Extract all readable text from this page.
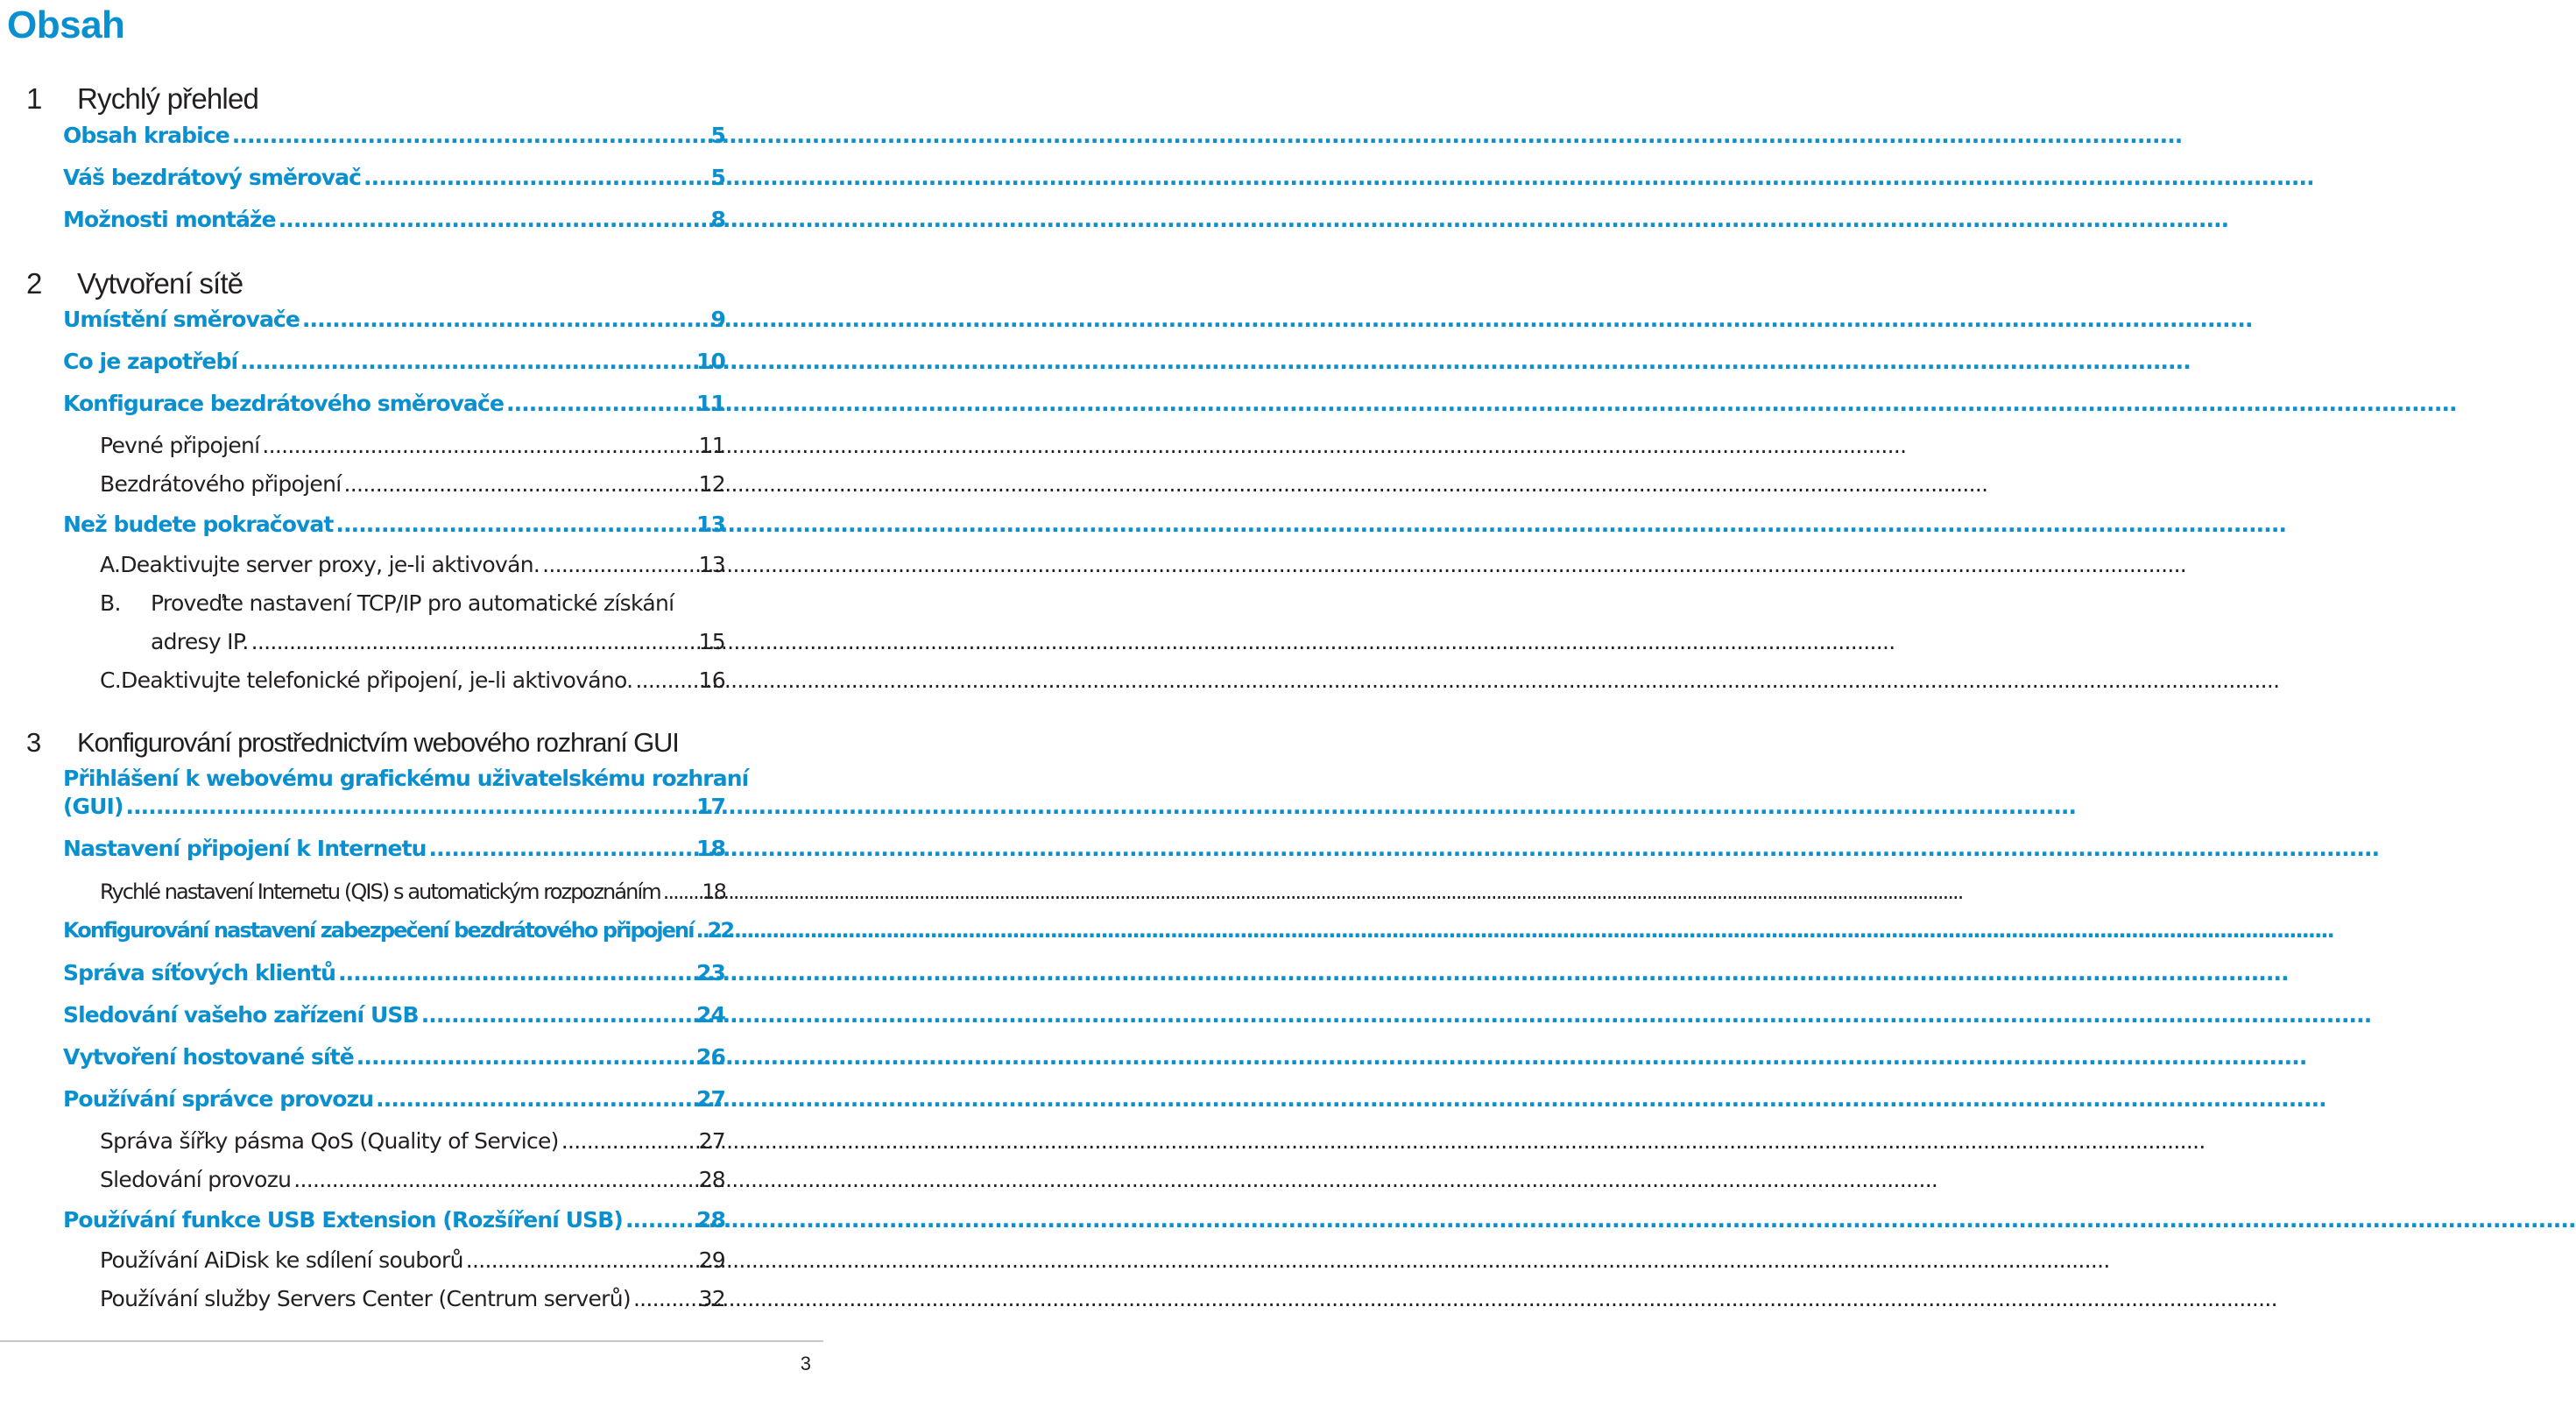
Obsah
1	Rychlý přehled
Obsah krabice .....	5
Váš bezdrátový směrovač .....	5
Možnosti montáže .....	8
2	Vytvoření sítě
Umístění směrovače .....	9
Co je zapotřebí .....	10
Konfigurace bezdrátového směrovače .....	11
Pevné připojení .....	11
Bezdrátového připojení .....	12
Než budete pokračovat .....	13
A. Deaktivujte server proxy, je-li aktivován. .....	13
B. Proveďte nastavení TCP/IP pro automatické získání
adresy IP. .....	15
C. Deaktivujte telefonické připojení, je-li aktivováno. .....	16
3	Konfigurování prostřednictvím webového rozhraní GUI
Přihlášení k webovému grafickému uživatelskému rozhraní
(GUI) .....	17
Nastavení připojení k Internetu .....	18
Rychlé nastavení Internetu (QIS) s automatickým rozpoznáním ..... 18
Konfigurování nastavení zabezpečení bezdrátového připojení ..... 22
Správa síťových klientů .....	23
Sledování vašeho zařízení USB .....	24
Vytvoření hostované sítě .....	26
Používání správce provozu .....	27
Správa šířky pásma QoS (Quality of Service) .....	27
Sledování provozu .....	28
Používání funkce USB Extension (Rozšíření USB) .....	28
Používání AiDisk ke sdílení souborů .....	29
Používání služby Servers Center (Centrum serverů) .....	32
3
